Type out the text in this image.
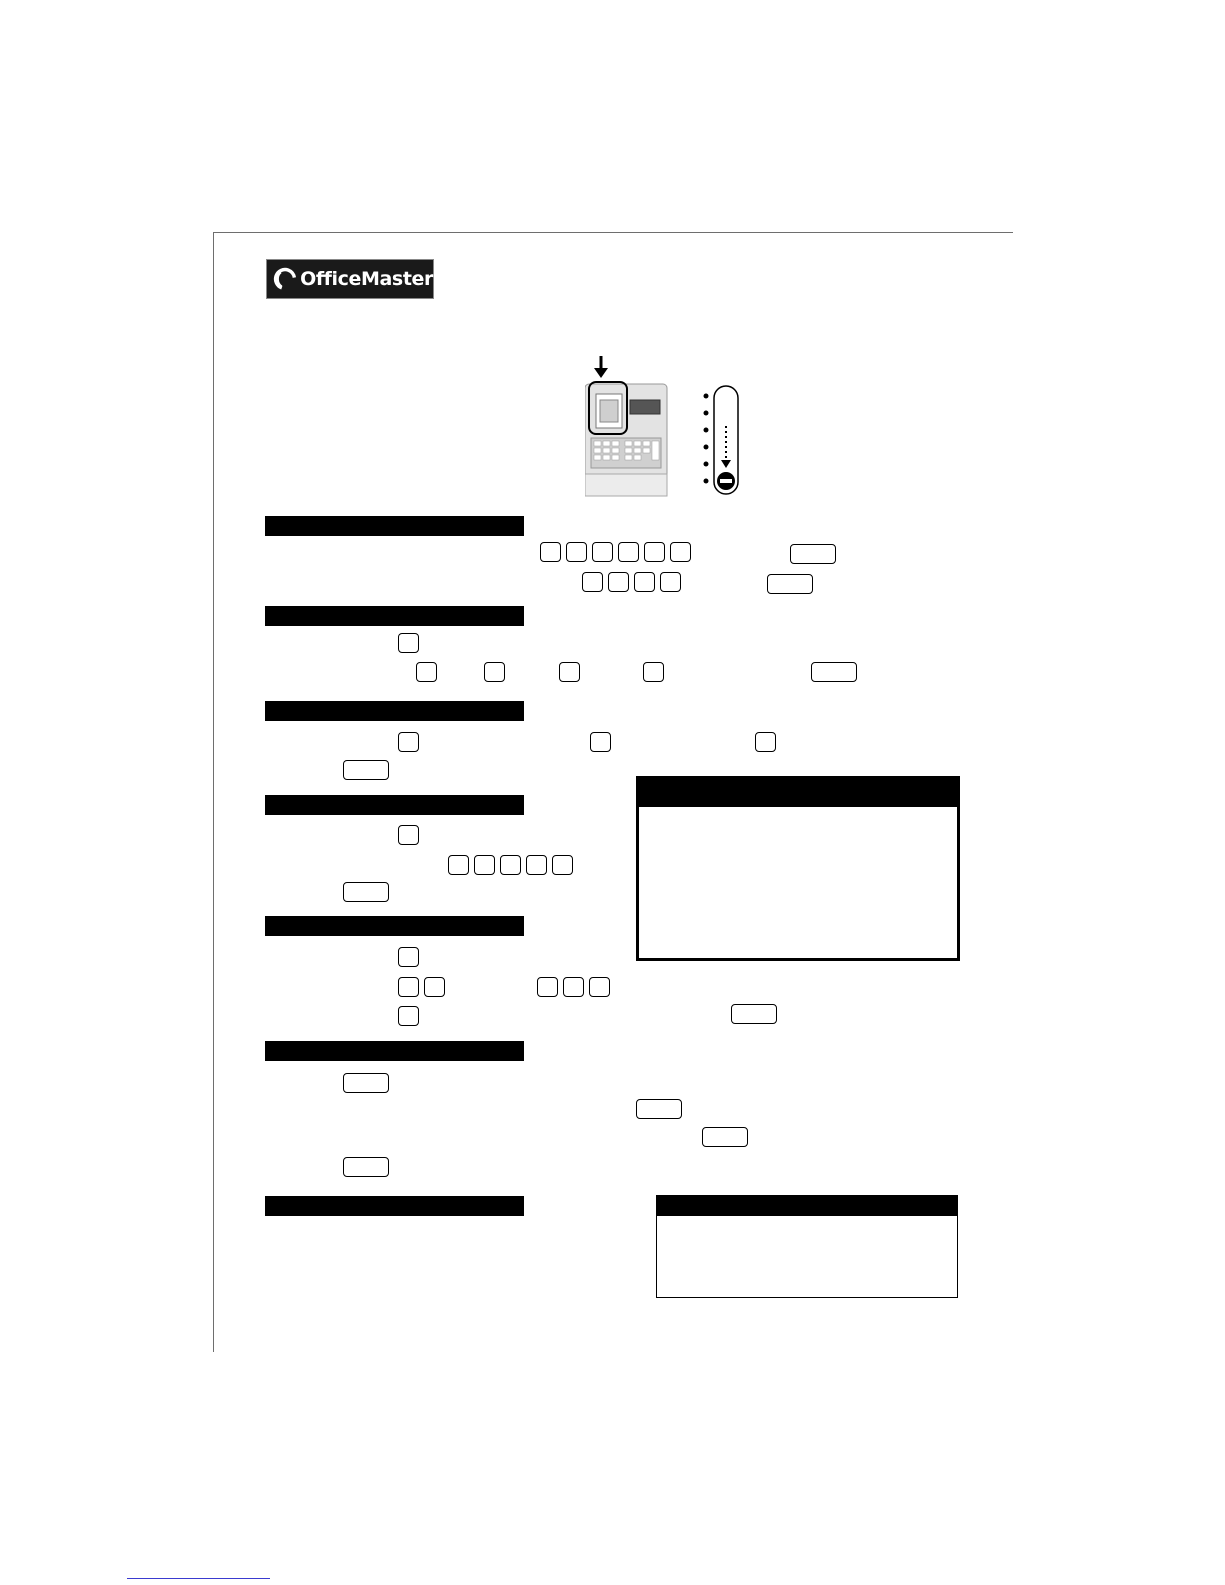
OfficeMaster
